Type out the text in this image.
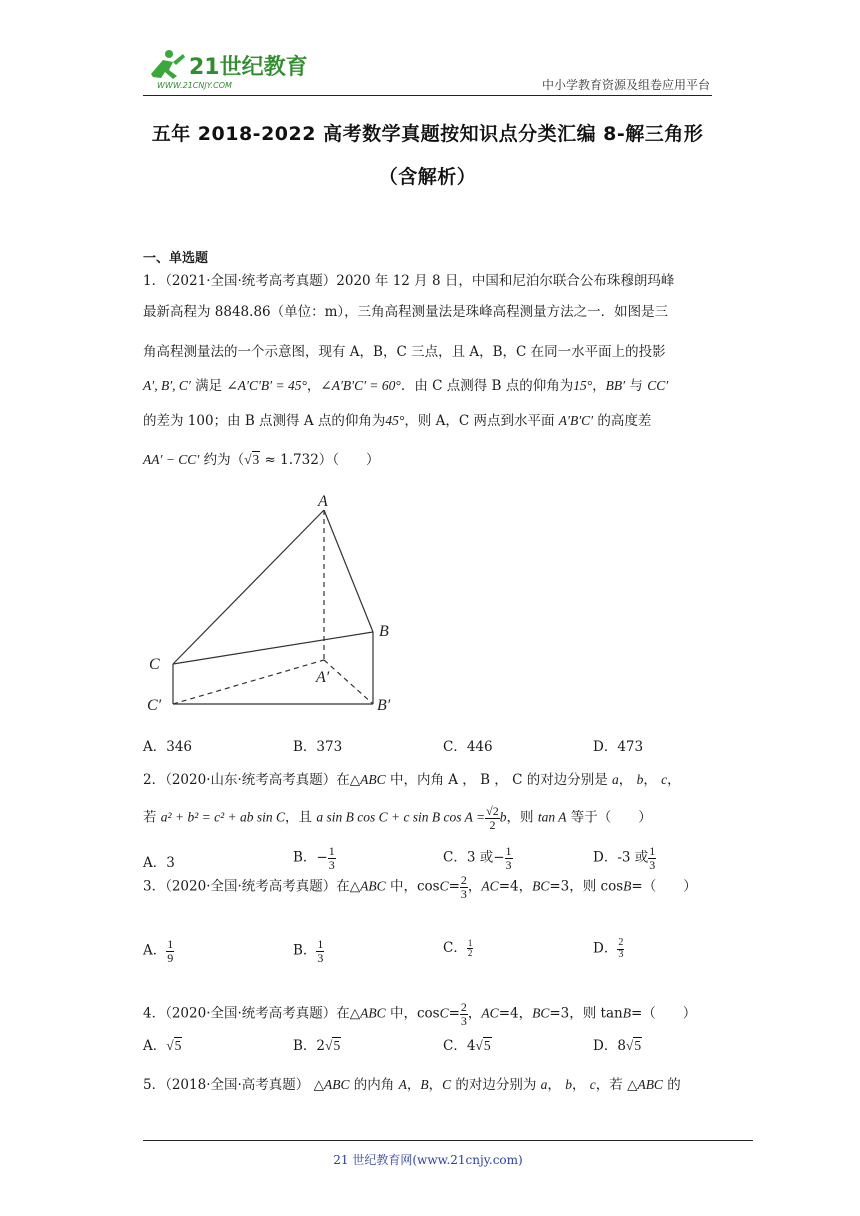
21世纪教育
WWW.21CNJY.COM	中小学教育资源及组卷应用平台
五年 2018-2022 高考数学真题按知识点分类汇编 8-解三角形
（含解析）
一、单选题
1．（2021·全国·统考高考真题）2020 年 12 月 8 日，中国和尼泊尔联合公布珠穆朗玛峰
最新高程为 8848.86（单位：m），三角高程测量法是珠峰高程测量方法之一．如图是三
角高程测量法的一个示意图，现有 A，B，C 三点，且 A，B，C 在同一水平面上的投影
A′, B′, C′ 满足 ∠A′C′B′ = 45°，∠A′B′C′ = 60°．由 C 点测得 B 点的仰角为15°，BB′ 与 CC′
的差为 100；由 B 点测得 A 点的仰角为45°，则 A，C 两点到水平面 A′B′C′ 的高度差
AA′ − CC′ 约为（√3 ≈ 1.732）（　　）
A
B
C
A′
C′	B′
A．346	B．373	C．446	D．473
2．（2020·山东·统考高考真题）在△ABC 中，内角 A ， B ， C 的对边分别是 a， b， c，
若 a² + b² = c² + ab sin C，且 a sin B cos C + c sin B $\cos A = \frac{√2}{2}$ b，则 tan A 等于（　　）
A．3	B．− $\frac{1}{3}$	C．3 或− $\frac{1}{3}$	D．-3 或 $\frac{1}{3}$
3．（2020·全国·统考高考真题）在△ABC 中，$\cos C= \frac{2}{3}$ ，AC=4，BC=3，则 cosB=（　　）
A． $\frac{1}{9}$	B． $\frac{1}{3}$	C． $\frac{1}{2}$	D． $\frac{2}{3}$
4．（2020·全国·统考高考真题）在△ABC 中，$\cos C= \frac{2}{3}$ ，AC=4，BC=3，则 tanB=（　　）
A．√5	B．2√5	C．4√5	D．8√5
5．（2018·全国·高考真题） △ABC 的内角 A，B，C 的对边分别为 a， b， c，若 △ABC 的
21 世纪教育网(www.21cnjy.com)
